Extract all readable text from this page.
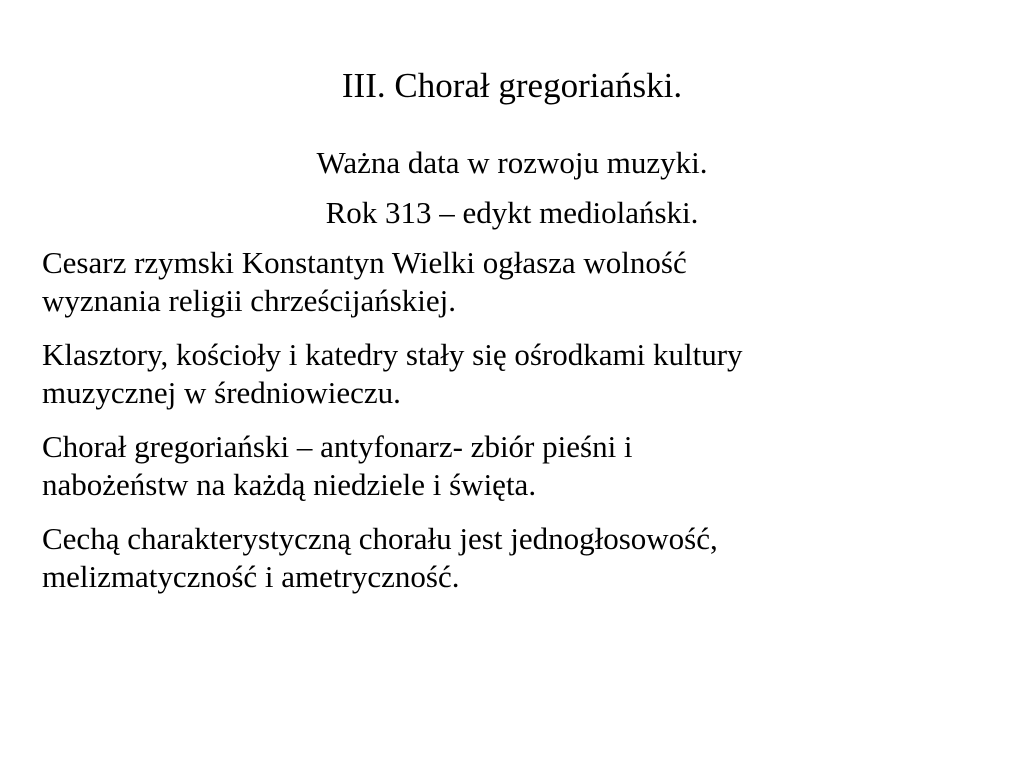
III. Chorał gregoriański.
Ważna data w rozwoju muzyki.
Rok 313 – edykt mediolański.
Cesarz rzymski Konstantyn Wielki ogłasza wolność
wyznania religii chrześcijańskiej.
Klasztory, kościoły i katedry stały się ośrodkami kultury
muzycznej w średniowieczu.
Chorał gregoriański – antyfonarz- zbiór pieśni i
nabożeństw na każdą niedziele i święta.
Cechą charakterystyczną chorału jest jednogłosowość,
melizmatyczność i ametryczność.
